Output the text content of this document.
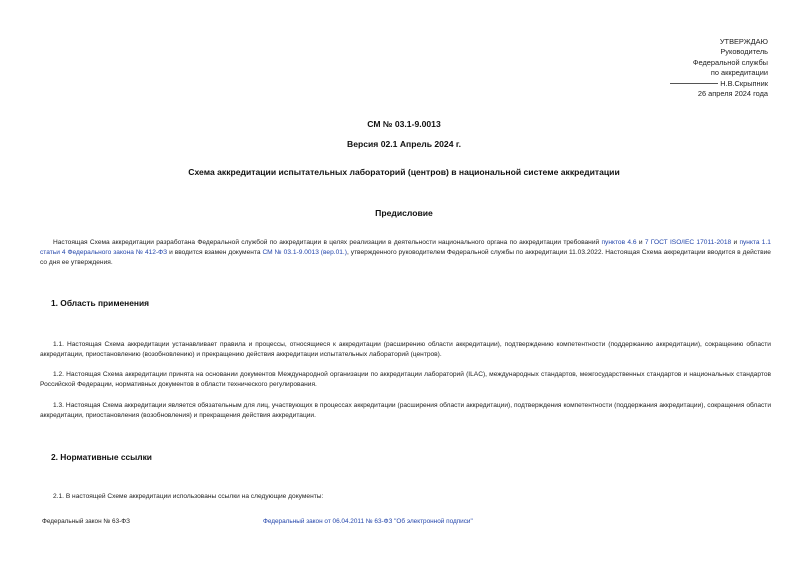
УТВЕРЖДАЮ
Руководитель
Федеральной службы
по аккредитации
Н.В.Скрыпник
26 апреля 2024 года
СМ № 03.1-9.0013
Версия 02.1 Апрель 2024 г.
Схема аккредитации испытательных лабораторий (центров) в национальной системе аккредитации
Предисловие
Настоящая Схема аккредитации разработана Федеральной службой по аккредитации в целях реализации в деятельности национального органа по аккредитации требований пунктов 4.6 и 7 ГОСТ ISO/IEC 17011-2018 и пункта 1.1 статьи 4 Федерального закона № 412-ФЗ и вводится взамен документа СМ № 03.1-9.0013 (вер.01.), утвержденного руководителем Федеральной службы по аккредитации 11.03.2022. Настоящая Схема аккредитации вводится в действие со дня ее утверждения.
1. Область применения
1.1. Настоящая Схема аккредитации устанавливает правила и процессы, относящиеся к аккредитации (расширению области аккредитации), подтверждению компетентности (поддержанию аккредитации), сокращению области аккредитации, приостановлению (возобновлению) и прекращению действия аккредитации испытательных лабораторий (центров).
1.2. Настоящая Схема аккредитации принята на основании документов Международной организации по аккредитации лабораторий (ILAC), международных стандартов, межгосударственных стандартов и национальных стандартов Российской Федерации, нормативных документов в области технического регулирования.
1.3. Настоящая Схема аккредитации является обязательным для лиц, участвующих в процессах аккредитации (расширения области аккредитации), подтверждения компетентности (поддержания аккредитации), сокращения области аккредитации, приостановления (возобновления) и прекращения действия аккредитации.
2. Нормативные ссылки
2.1. В настоящей Схеме аккредитации использованы ссылки на следующие документы:
Федеральный закон № 63-ФЗ	Федеральный закон от 06.04.2011 № 63-ФЗ "Об электронной подписи"
